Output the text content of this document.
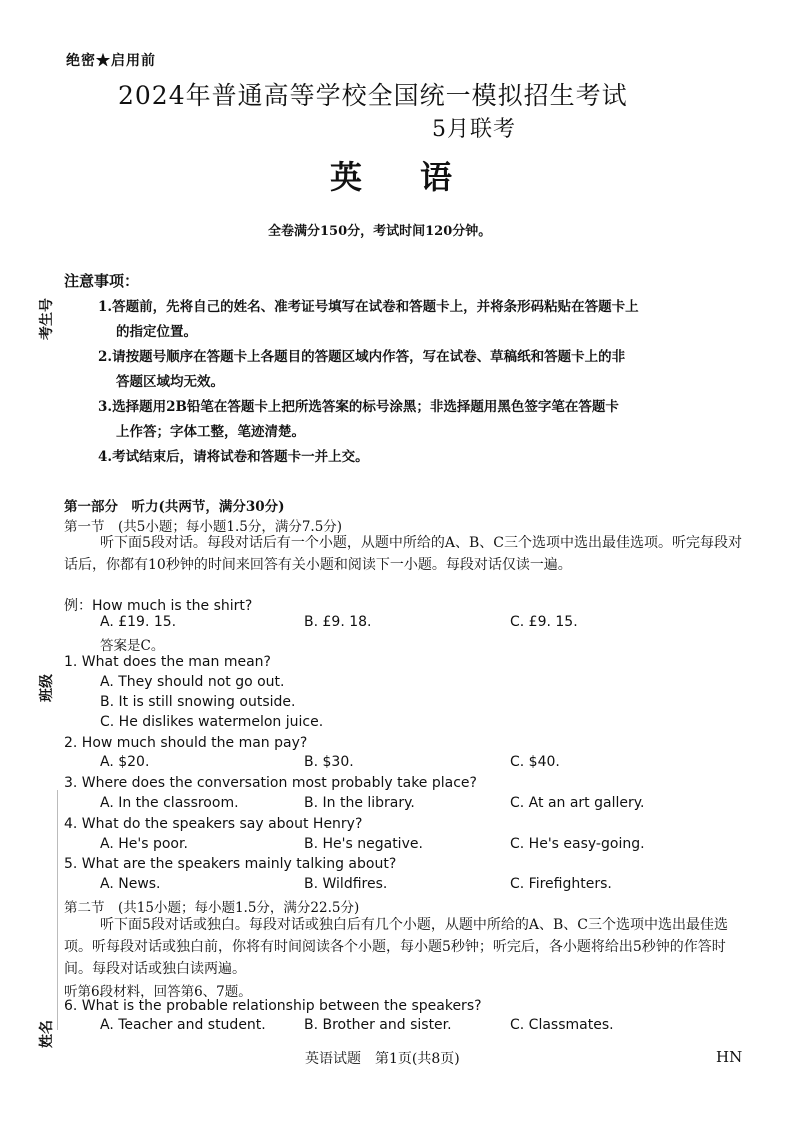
绝密★启用前
2024年普通高等学校全国统一模拟招生考试
5月联考
英语
全卷满分150分，考试时间120分钟。
考生号
班级
姓名
注意事项：
1.答题前，先将自己的姓名、准考证号填写在试卷和答题卡上，并将条形码粘贴在答题卡上
的指定位置。
2.请按题号顺序在答题卡上各题目的答题区域内作答，写在试卷、草稿纸和答题卡上的非
答题区域均无效。
3.选择题用2B铅笔在答题卡上把所选答案的标号涂黑；非选择题用黑色签字笔在答题卡
上作答；字体工整，笔迹清楚。
4.考试结束后，请将试卷和答题卡一并上交。
第一部分　听力(共两节，满分30分)
第一节　(共5小题；每小题1.5分，满分7.5分)
听下面5段对话。每段对话后有一个小题，从题中所给的A、B、C三个选项中选出最佳选项。听完每段对话后，你都有10秒钟的时间来回答有关小题和阅读下一小题。每段对话仅读一遍。
例：How much is the shirt?
A. £19. 15.	B. £9. 18.	C. £9. 15.
答案是C。
1. What does the man mean?
A. They should not go out.
B. It is still snowing outside.
C. He dislikes watermelon juice.
2. How much should the man pay?
A. $20.	B. $30.	C. $40.
3. Where does the conversation most probably take place?
A. In the classroom.	B. In the library.	C. At an art gallery.
4. What do the speakers say about Henry?
A. He's poor.	B. He's negative.	C. He's easy-going.
5. What are the speakers mainly talking about?
A. News.	B. Wildfires.	C. Firefighters.
第二节　(共15小题；每小题1.5分，满分22.5分)
听下面5段对话或独白。每段对话或独白后有几个小题，从题中所给的A、B、C三个选项中选出最佳选项。听每段对话或独白前，你将有时间阅读各个小题，每小题5秒钟；听完后，各小题将给出5秒钟的作答时间。每段对话或独白读两遍。
听第6段材料，回答第6、7题。
6. What is the probable relationship between the speakers?
A. Teacher and student.	B. Brother and sister.	C. Classmates.
英语试题　第1页(共8页)	HN
